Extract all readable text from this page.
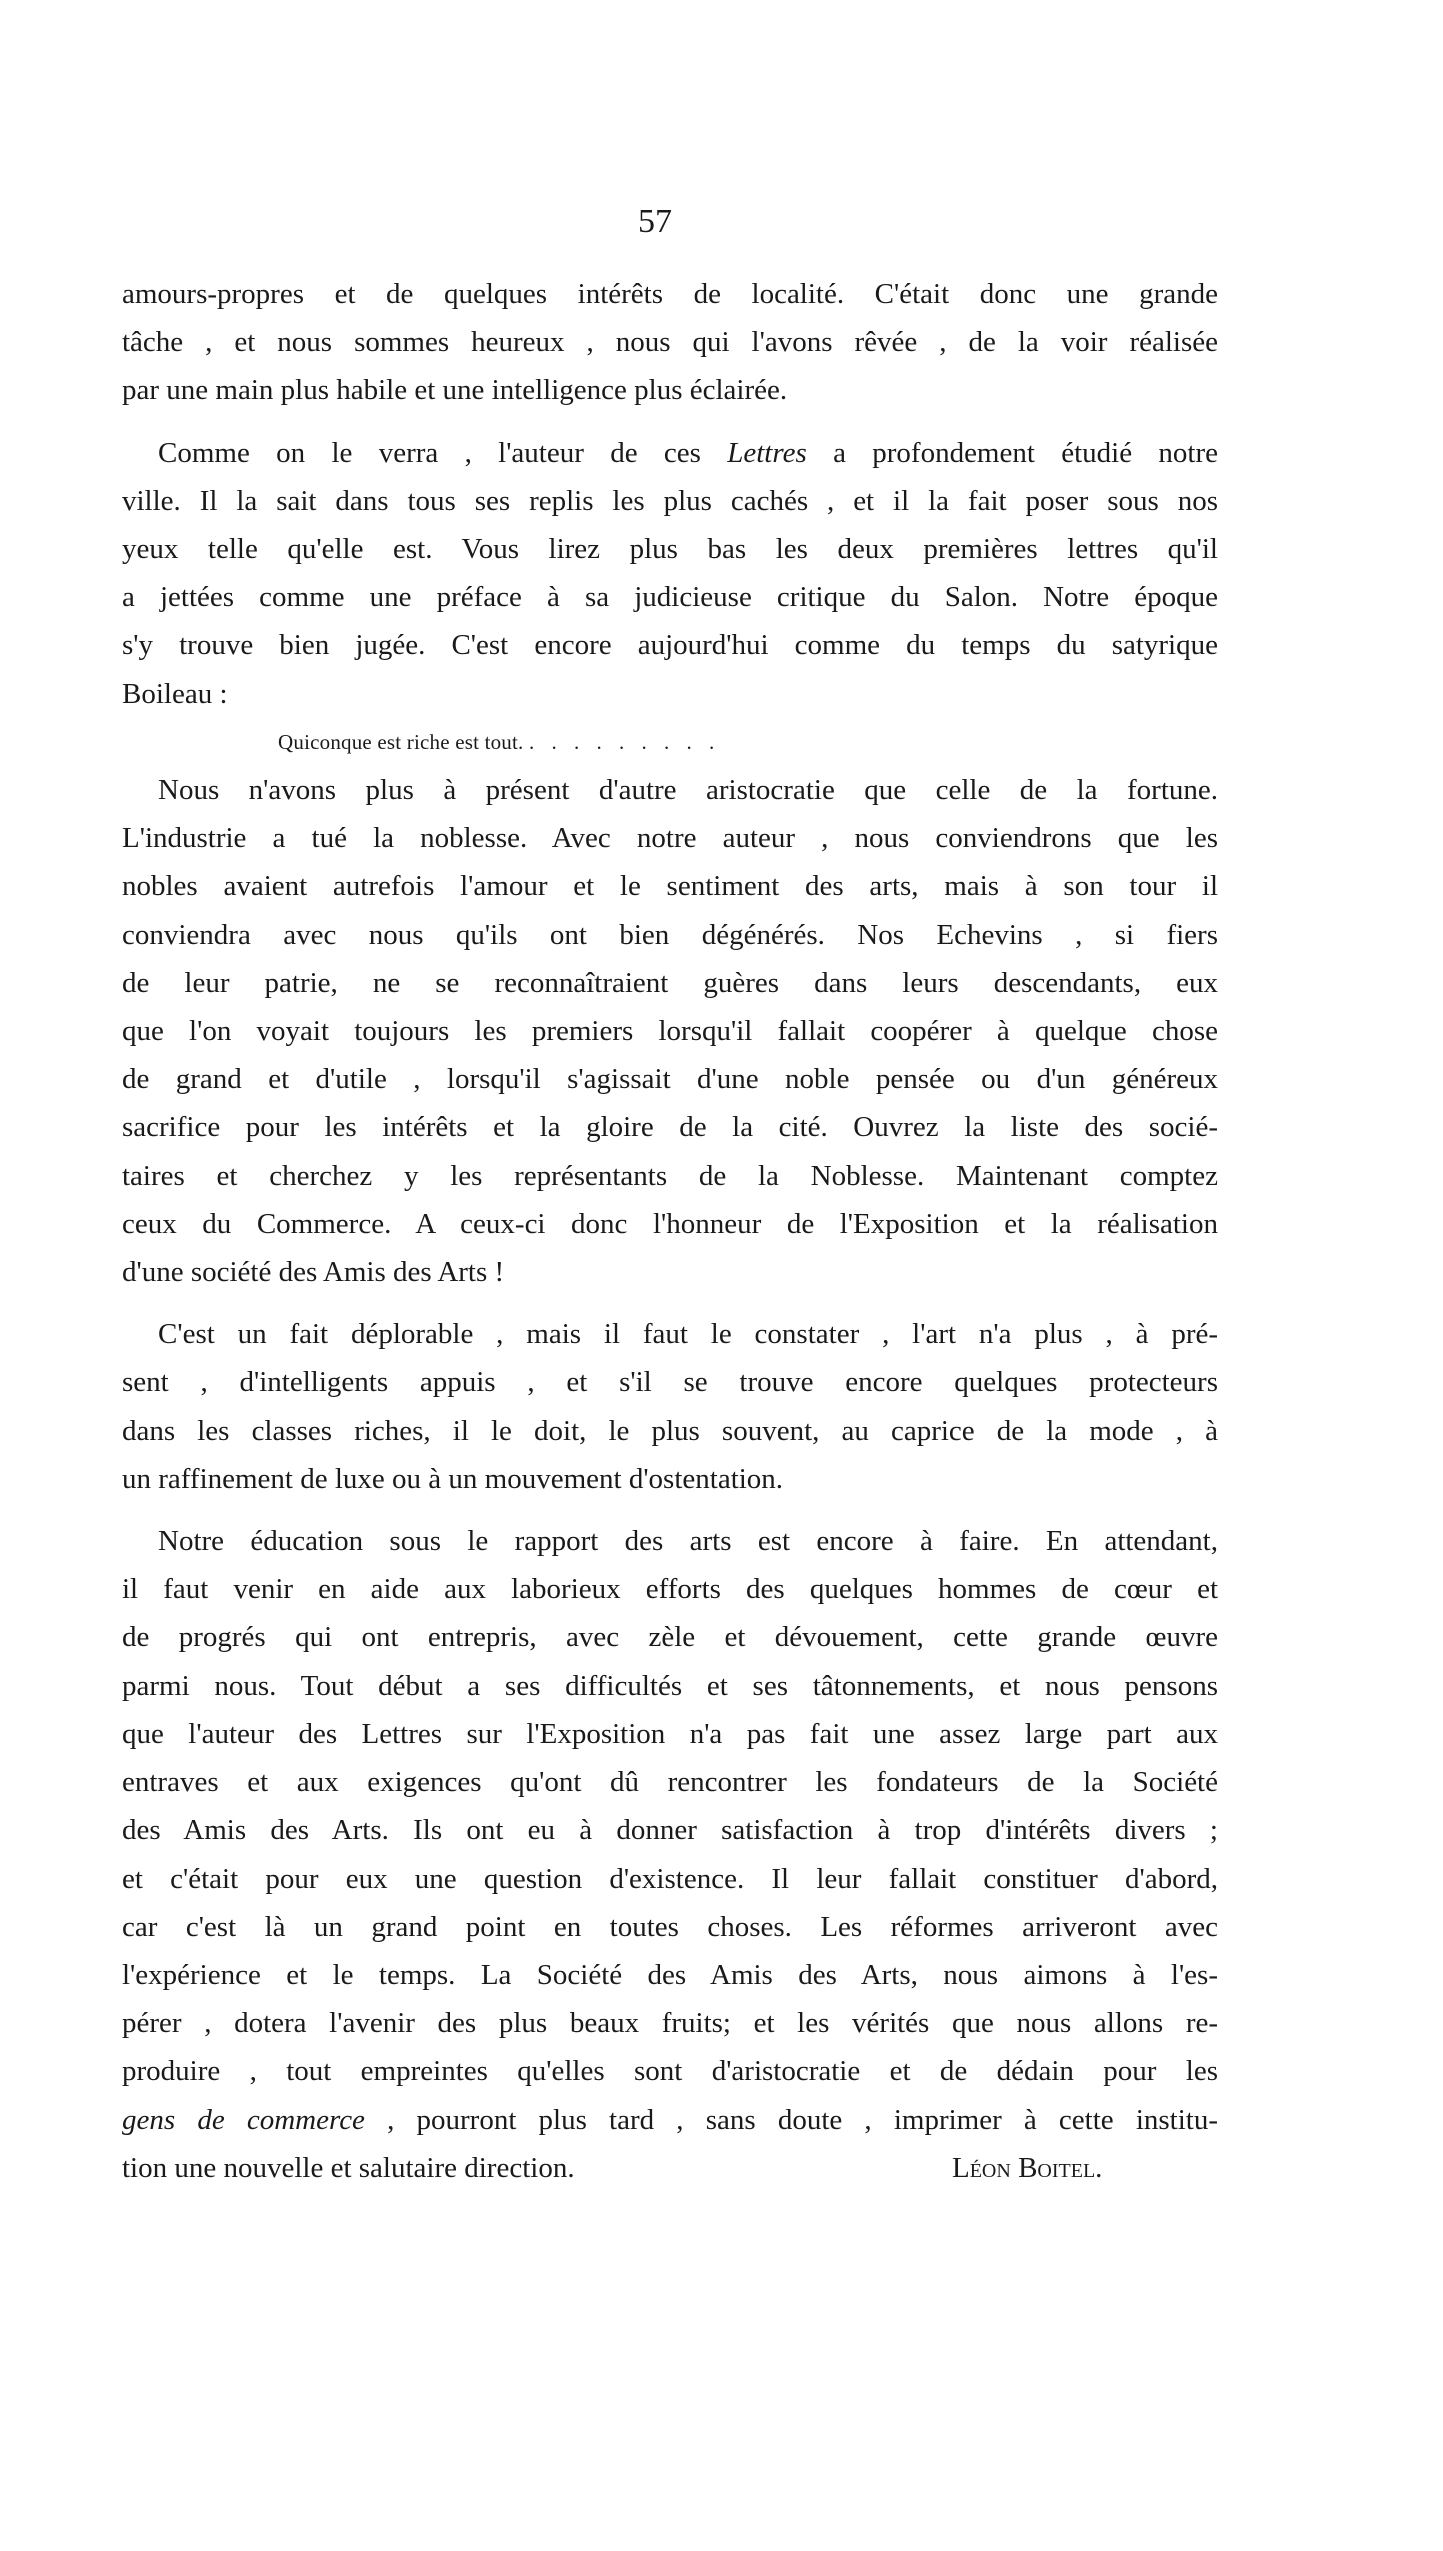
57

amours-propres et de quelques intérêts de localité. C'était donc une grande

tâche , et nous sommes heureux , nous qui l'avons rêvée , de la voir réalisée

par une main plus habile et une intelligence plus éclairée.

Comme on le verra , l'auteur de ces Lettres a profondement étudié notre

ville. Il la sait dans tous ses replis les plus cachés , et il la fait poser sous nos

yeux telle qu'elle est. Vous lirez plus bas les deux premières lettres qu'il

a jettées comme une préface à sa judicieuse critique du Salon. Notre époque

s'y trouve bien jugée. C'est encore aujourd'hui comme du temps du satyrique

Boileau :

Quiconque est riche est tout. . . . . . . . . .

Nous n'avons plus à présent d'autre aristocratie que celle de la fortune.

L'industrie a tué la noblesse. Avec notre auteur , nous conviendrons que les

nobles avaient autrefois l'amour et le sentiment des arts, mais à son tour il

conviendra avec nous qu'ils ont bien dégénérés. Nos Echevins , si fiers

de leur patrie, ne se reconnaîtraient guères dans leurs descendants, eux

que l'on voyait toujours les premiers lorsqu'il fallait coopérer à quelque chose

de grand et d'utile , lorsqu'il s'agissait d'une noble pensée ou d'un généreux

sacrifice pour les intérêts et la gloire de la cité. Ouvrez la liste des socié-

taires et cherchez y les représentants de la Noblesse. Maintenant comptez

ceux du Commerce. A ceux-ci donc l'honneur de l'Exposition et la réalisation

d'une société des Amis des Arts !

C'est un fait déplorable , mais il faut le constater , l'art n'a plus , à pré-

sent , d'intelligents appuis , et s'il se trouve encore quelques protecteurs

dans les classes riches, il le doit, le plus souvent, au caprice de la mode , à

un raffinement de luxe ou à un mouvement d'ostentation.

Notre éducation sous le rapport des arts est encore à faire. En attendant,

il faut venir en aide aux laborieux efforts des quelques hommes de cœur et

de progrés qui ont entrepris, avec zèle et dévouement, cette grande œuvre

parmi nous. Tout début a ses difficultés et ses tâtonnements, et nous pensons

que l'auteur des Lettres sur l'Exposition n'a pas fait une assez large part aux

entraves et aux exigences qu'ont dû rencontrer les fondateurs de la Société

des Amis des Arts. Ils ont eu à donner satisfaction à trop d'intérêts divers ;

et c'était pour eux une question d'existence. Il leur fallait constituer d'abord,

car c'est là un grand point en toutes choses. Les réformes arriveront avec

l'expérience et le temps. La Société des Amis des Arts, nous aimons à l'es-

pérer , dotera l'avenir des plus beaux fruits; et les vérités que nous allons re-

produire , tout empreintes qu'elles sont d'aristocratie et de dédain pour les

gens de commerce , pourront plus tard , sans doute , imprimer à cette institu-

tion une nouvelle et salutaire direction.	Léon Boitel.
